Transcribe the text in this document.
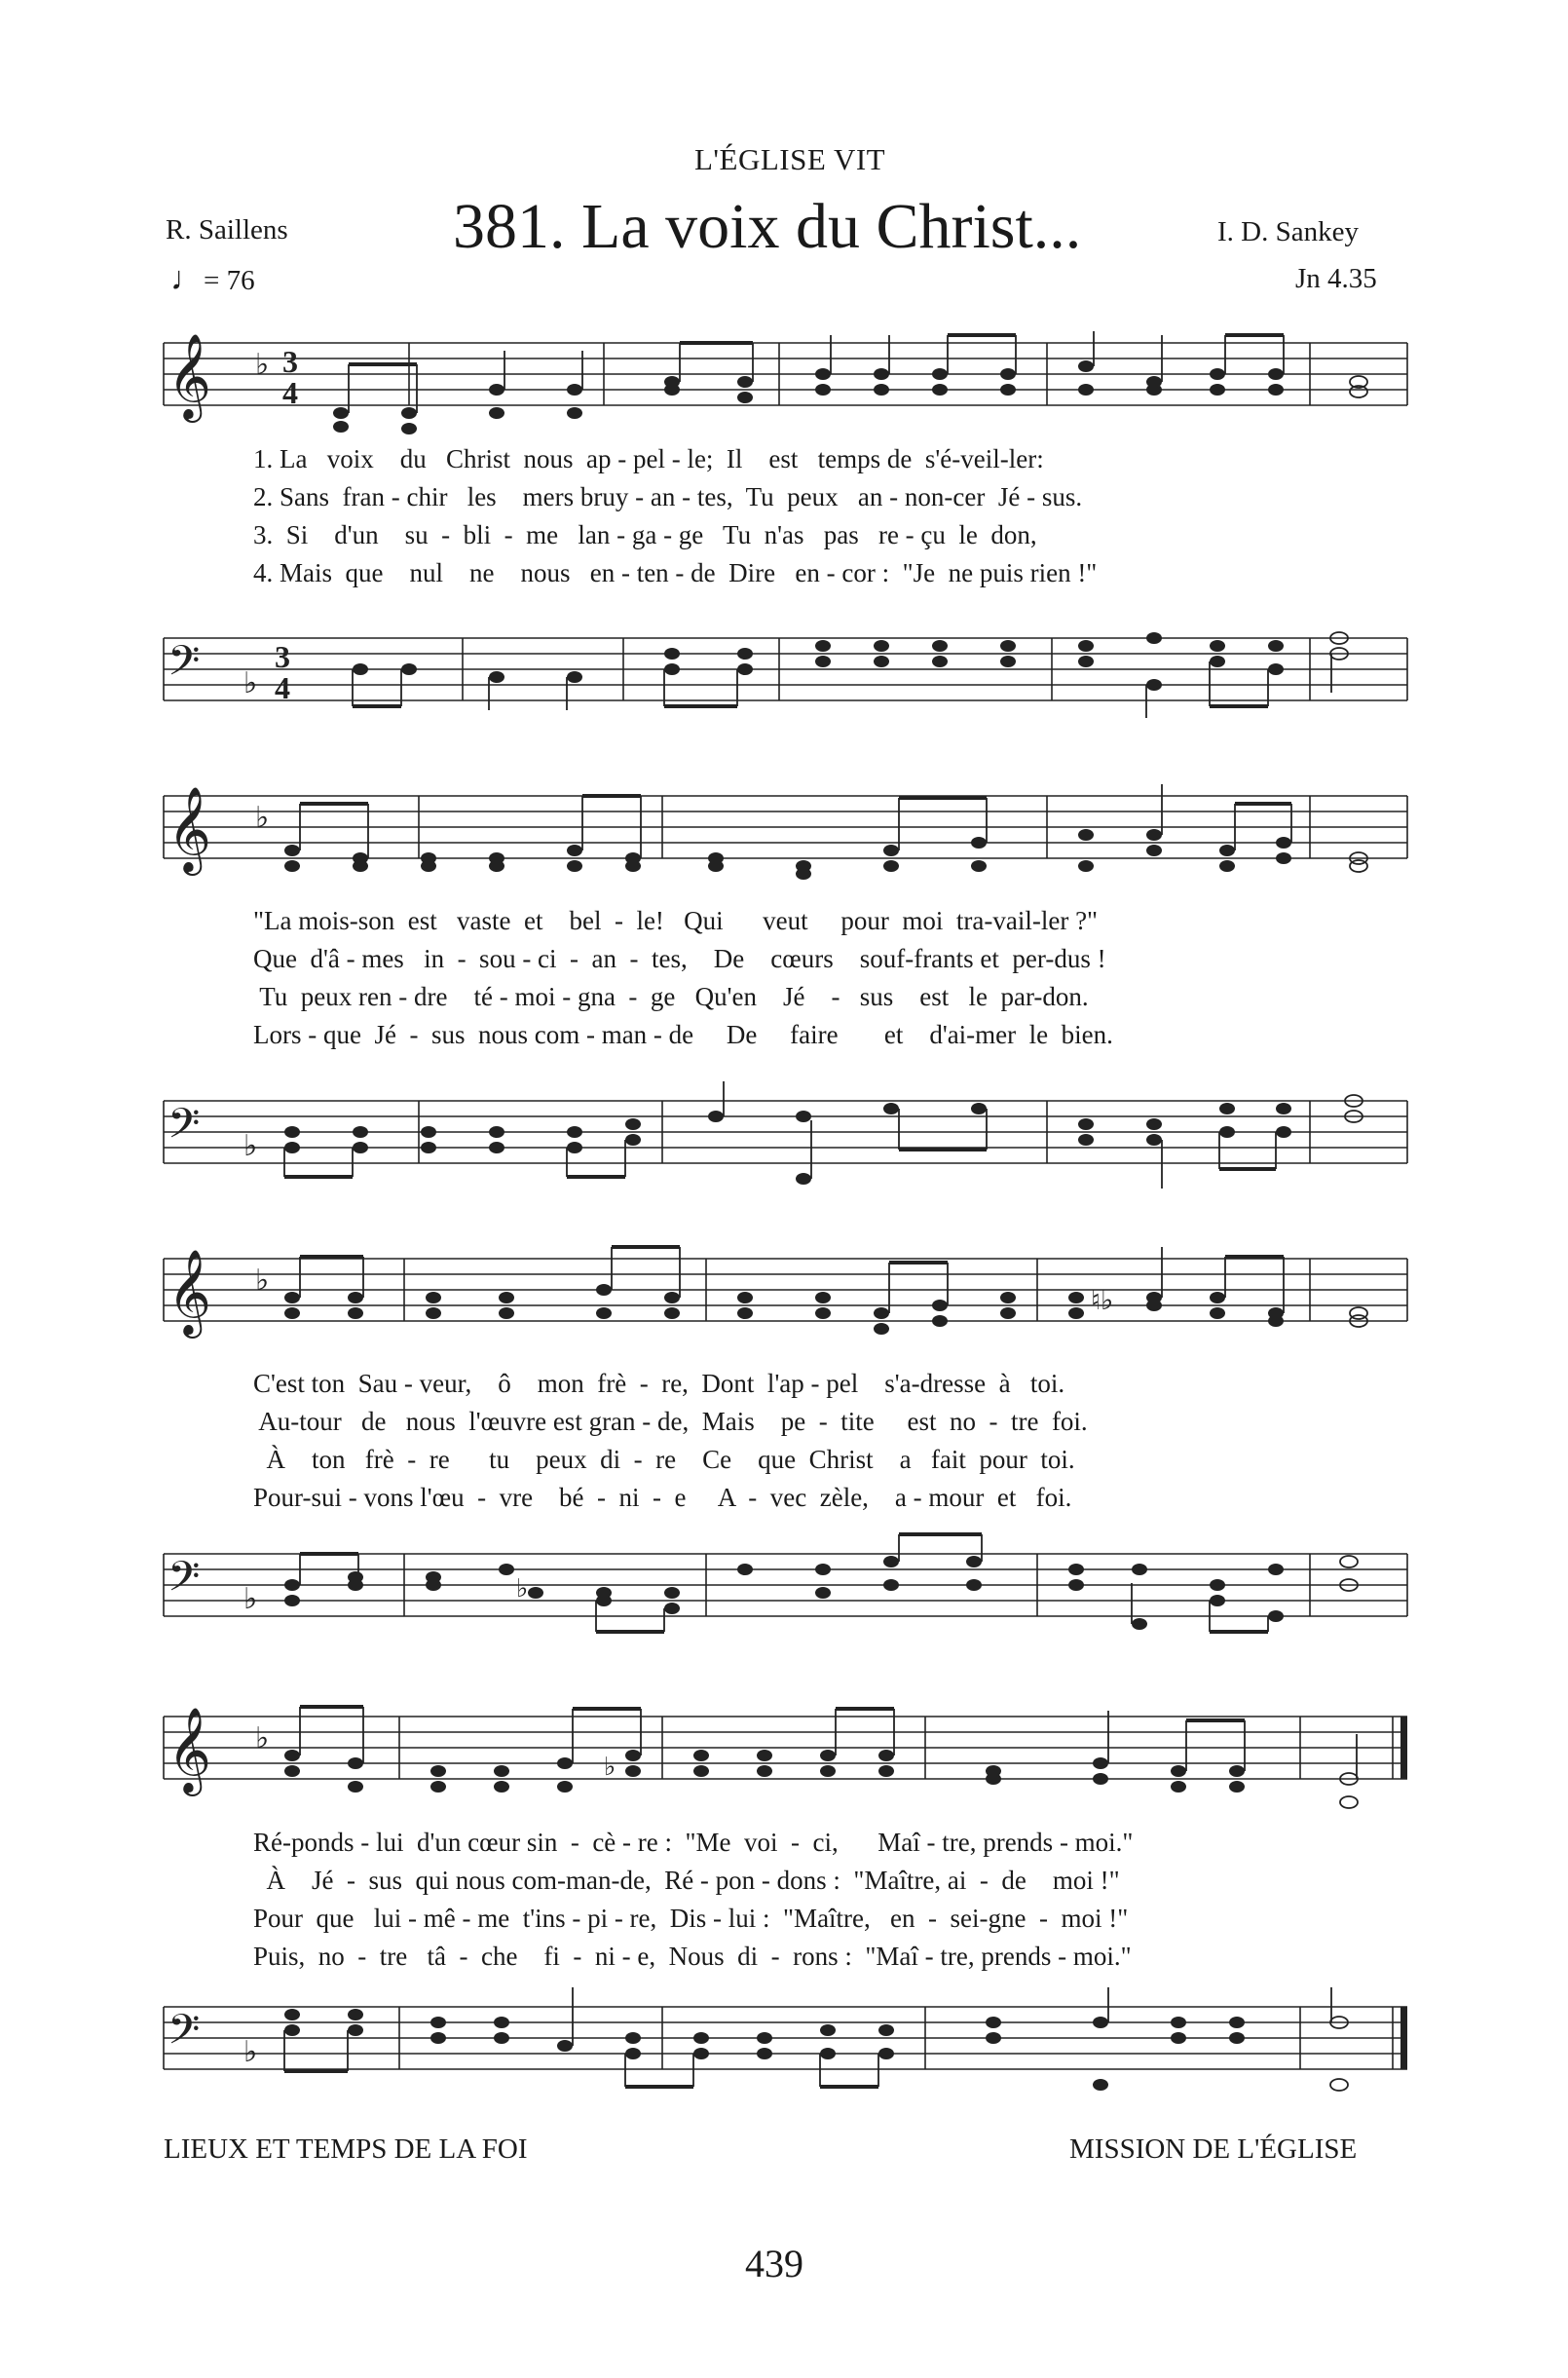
L'ÉGLISE VIT
381. La voix du Christ...
R. Saillens	I. D. Sankey
♩= 76	Jn 4.35
𝄞 ♭ 3
4
1. La   voix    du   Christ  nous  ap - pel - le;  Il    est   temps de  s'é-veil-ler:
2. Sans  fran - chir   les    mers bruy - an - tes,  Tu  peux   an - non-cer  Jé - sus.
3.  Si    d'un    su  -  bli  -  me   lan - ga - ge   Tu  n'as   pas   re - çu  le  don,
4. Mais  que    nul    ne    nous   en - ten - de  Dire   en - cor :  "Je  ne puis rien !"
𝄢 ♭
3
4
𝄞 ♭
"La mois-son  est   vaste  et    bel  -  le!   Qui      veut     pour  moi  tra-vail-ler ?"
Que  d'â - mes   in  -  sou - ci  -  an  -  tes,    De    cœurs    souf-frants et  per-dus !
Tu  peux ren - dre    té - moi - gna  -  ge   Qu'en    Jé    -   sus    est   le  par-don.
Lors - que  Jé  -  sus  nous com - man - de     De     faire       et    d'ai-mer  le  bien.
𝄢 ♭
𝄞 ♭
♮♭
C'est ton  Sau - veur,    ô    mon  frè  -  re,  Dont  l'ap - pel    s'a-dresse  à   toi.
Au-tour   de   nous  l'œuvre est gran - de,  Mais    pe  -  tite     est  no  -  tre  foi.
À    ton   frè  -  re      tu    peux  di  -  re    Ce    que  Christ    a   fait  pour  toi.
Pour-sui - vons l'œu  -  vre    bé  -  ni  -  e     A  -  vec  zèle,    a - mour  et   foi.
𝄢 ♭	♭
𝄞 ♭
♭
Ré-ponds - lui  d'un cœur sin  -  cè - re :  "Me  voi  -  ci,      Maî - tre, prends - moi."
À    Jé  -  sus  qui nous com-man-de,  Ré - pon - dons :  "Maître, ai  -  de    moi !"
Pour  que   lui - mê - me  t'ins - pi - re,  Dis - lui :  "Maître,   en  -  sei-gne  -  moi !"
Puis,  no  -  tre   tâ  -  che    fi  -  ni - e,  Nous  di  -  rons :  "Maî - tre, prends - moi."
𝄢 ♭
LIEUX ET TEMPS DE LA FOI	MISSION DE L'ÉGLISE
439
